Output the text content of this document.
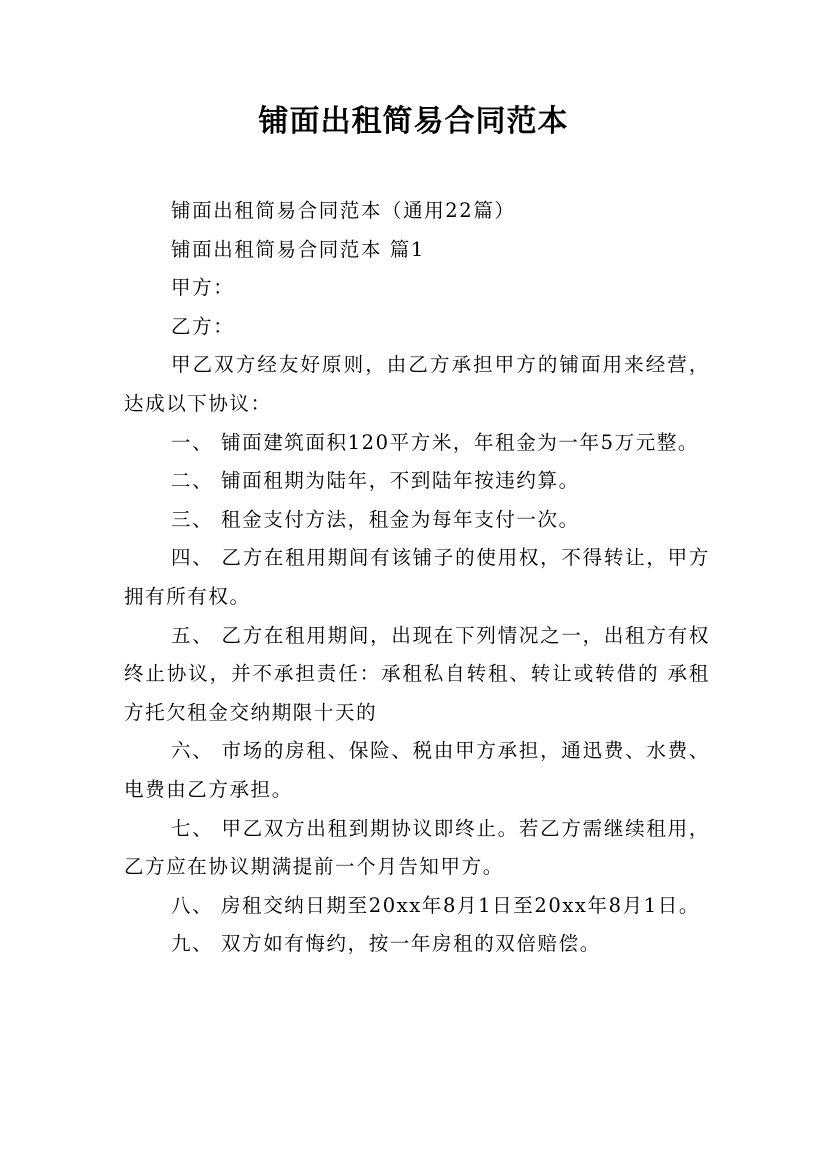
铺面出租简易合同范本

铺面出租简易合同范本（通用22篇）

铺面出租简易合同范本 篇1

甲方：

乙方：

甲乙双方经友好原则，由乙方承担甲方的铺面用来经营，达成以下协议：

一、 铺面建筑面积120平方米，年租金为一年5万元整。

二、 铺面租期为陆年，不到陆年按违约算。

三、 租金支付方法，租金为每年支付一次。

四、 乙方在租用期间有该铺子的使用权，不得转让，甲方拥有所有权。

五、 乙方在租用期间，出现在下列情况之一，出租方有权终止协议，并不承担责任：承租私自转租、转让或转借的 承租方托欠租金交纳期限十天的

六、 市场的房租、保险、税由甲方承担，通迅费、水费、电费由乙方承担。

七、 甲乙双方出租到期协议即终止。若乙方需继续租用，乙方应在协议期满提前一个月告知甲方。

八、 房租交纳日期至20xx年8月1日至20xx年8月1日。

九、 双方如有悔约，按一年房租的双倍赔偿。
